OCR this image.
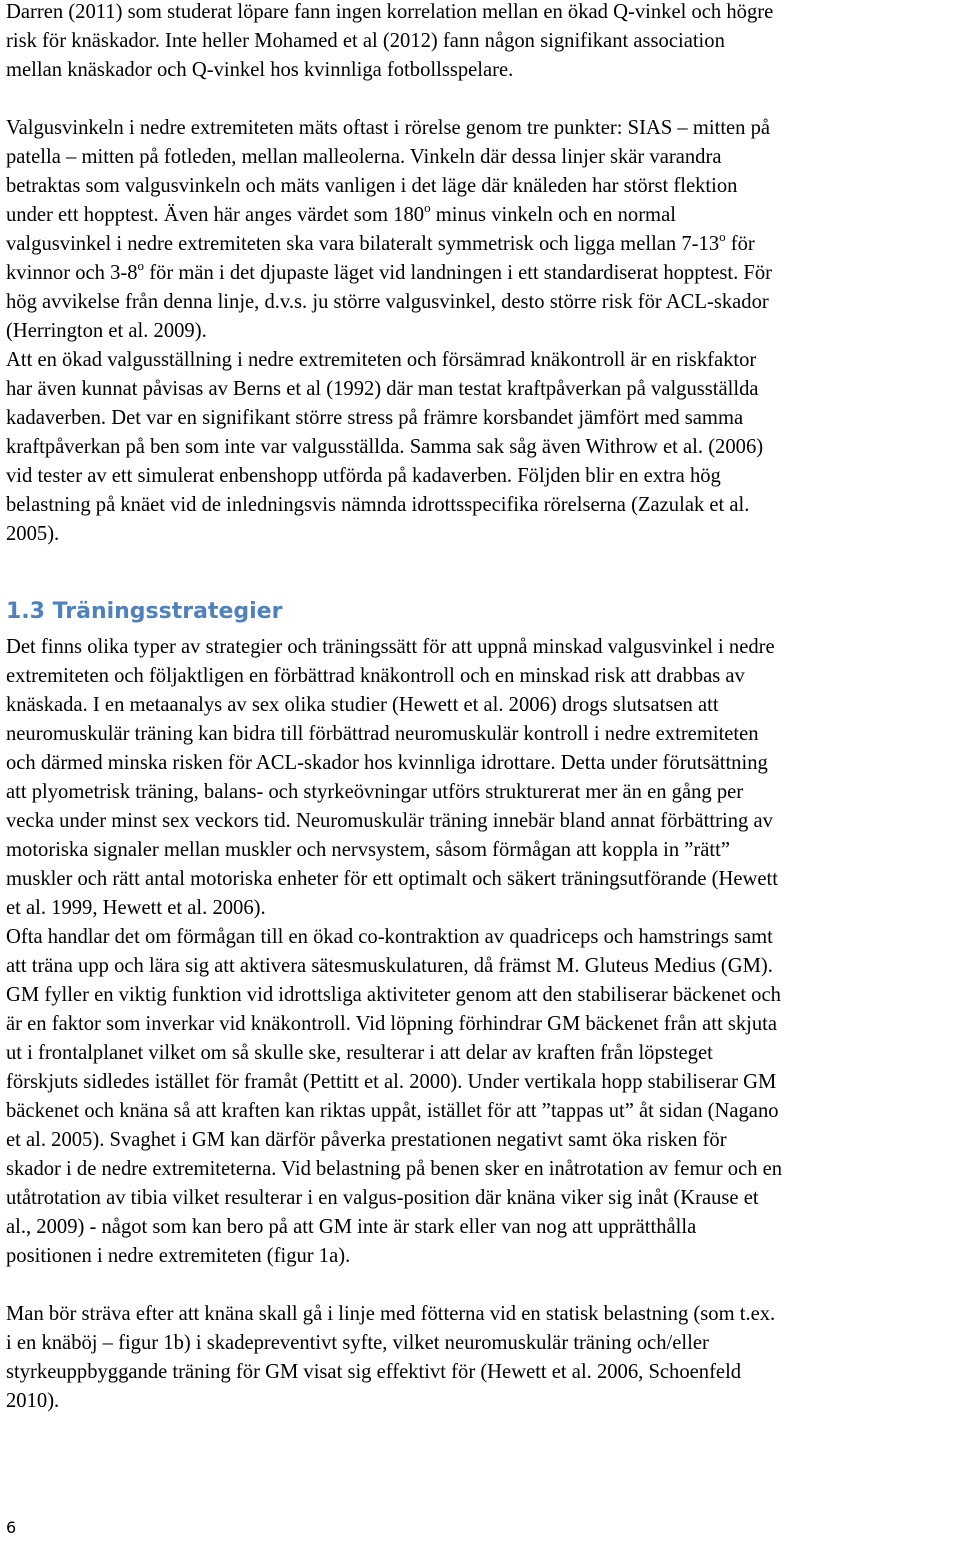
Darren (2011) som studerat löpare fann ingen korrelation mellan en ökad Q-vinkel och högre
risk för knäskador. Inte heller Mohamed et al (2012) fann någon signifikant association
mellan knäskador och Q-vinkel hos kvinnliga fotbollsspelare.

Valgusvinkeln i nedre extremiteten mäts oftast i rörelse genom tre punkter: SIAS – mitten på
patella – mitten på fotleden, mellan malleolerna. Vinkeln där dessa linjer skär varandra
betraktas som valgusvinkeln och mäts vanligen i det läge där knäleden har störst flektion
under ett hopptest. Även här anges värdet som 180$^o$ minus vinkeln och en normal
valgusvinkel i nedre extremiteten ska vara bilateralt symmetrisk och ligga mellan 7-13$^o$ för
kvinnor och 3-8$^o$ för män i det djupaste läget vid landningen i ett standardiserat hopptest. För
hög avvikelse från denna linje, d.v.s. ju större valgusvinkel, desto större risk för ACL-skador
(Herrington et al. 2009).

Att en ökad valgusställning i nedre extremiteten och försämrad knäkontroll är en riskfaktor
har även kunnat påvisas av Berns et al (1992) där man testat kraftpåverkan på valgusställda
kadaverben. Det var en signifikant större stress på främre korsbandet jämfört med samma
kraftpåverkan på ben som inte var valgusställda. Samma sak såg även Withrow et al. (2006)
vid tester av ett simulerat enbenshopp utförda på kadaverben. Följden blir en extra hög
belastning på knäet vid de inledningsvis nämnda idrottsspecifika rörelserna (Zazulak et al.
2005).

1.3 Träningsstrategier

Det finns olika typer av strategier och träningssätt för att uppnå minskad valgusvinkel i nedre
extremiteten och följaktligen en förbättrad knäkontroll och en minskad risk att drabbas av
knäskada. I en metaanalys av sex olika studier (Hewett et al. 2006) drogs slutsatsen att
neuromuskulär träning kan bidra till förbättrad neuromuskulär kontroll i nedre extremiteten
och därmed minska risken för ACL-skador hos kvinnliga idrottare. Detta under förutsättning
att plyometrisk träning, balans- och styrkeövningar utförs strukturerat mer än en gång per
vecka under minst sex veckors tid. Neuromuskulär träning innebär bland annat förbättring av
motoriska signaler mellan muskler och nervsystem, såsom förmågan att koppla in ”rätt”
muskler och rätt antal motoriska enheter för ett optimalt och säkert träningsutförande (Hewett
et al. 1999, Hewett et al. 2006).

Ofta handlar det om förmågan till en ökad co-kontraktion av quadriceps och hamstrings samt
att träna upp och lära sig att aktivera sätesmuskulaturen, då främst M. Gluteus Medius (GM).
GM fyller en viktig funktion vid idrottsliga aktiviteter genom att den stabiliserar bäckenet och
är en faktor som inverkar vid knäkontroll. Vid löpning förhindrar GM bäckenet från att skjuta
ut i frontalplanet vilket om så skulle ske, resulterar i att delar av kraften från löpsteget
förskjuts sidledes istället för framåt (Pettitt et al. 2000). Under vertikala hopp stabiliserar GM
bäckenet och knäna så att kraften kan riktas uppåt, istället för att ”tappas ut” åt sidan (Nagano
et al. 2005). Svaghet i GM kan därför påverka prestationen negativt samt öka risken för
skador i de nedre extremiteterna. Vid belastning på benen sker en inåtrotation av femur och en
utåtrotation av tibia vilket resulterar i en valgus-position där knäna viker sig inåt (Krause et
al., 2009) - något som kan bero på att GM inte är stark eller van nog att upprätthålla
positionen i nedre extremiteten (figur 1a).

Man bör sträva efter att knäna skall gå i linje med fötterna vid en statisk belastning (som t.ex.
i en knäböj – figur 1b) i skadepreventivt syfte, vilket neuromuskulär träning och/eller
styrkeuppbyggande träning för GM visat sig effektivt för (Hewett et al. 2006, Schoenfeld
2010).

6
